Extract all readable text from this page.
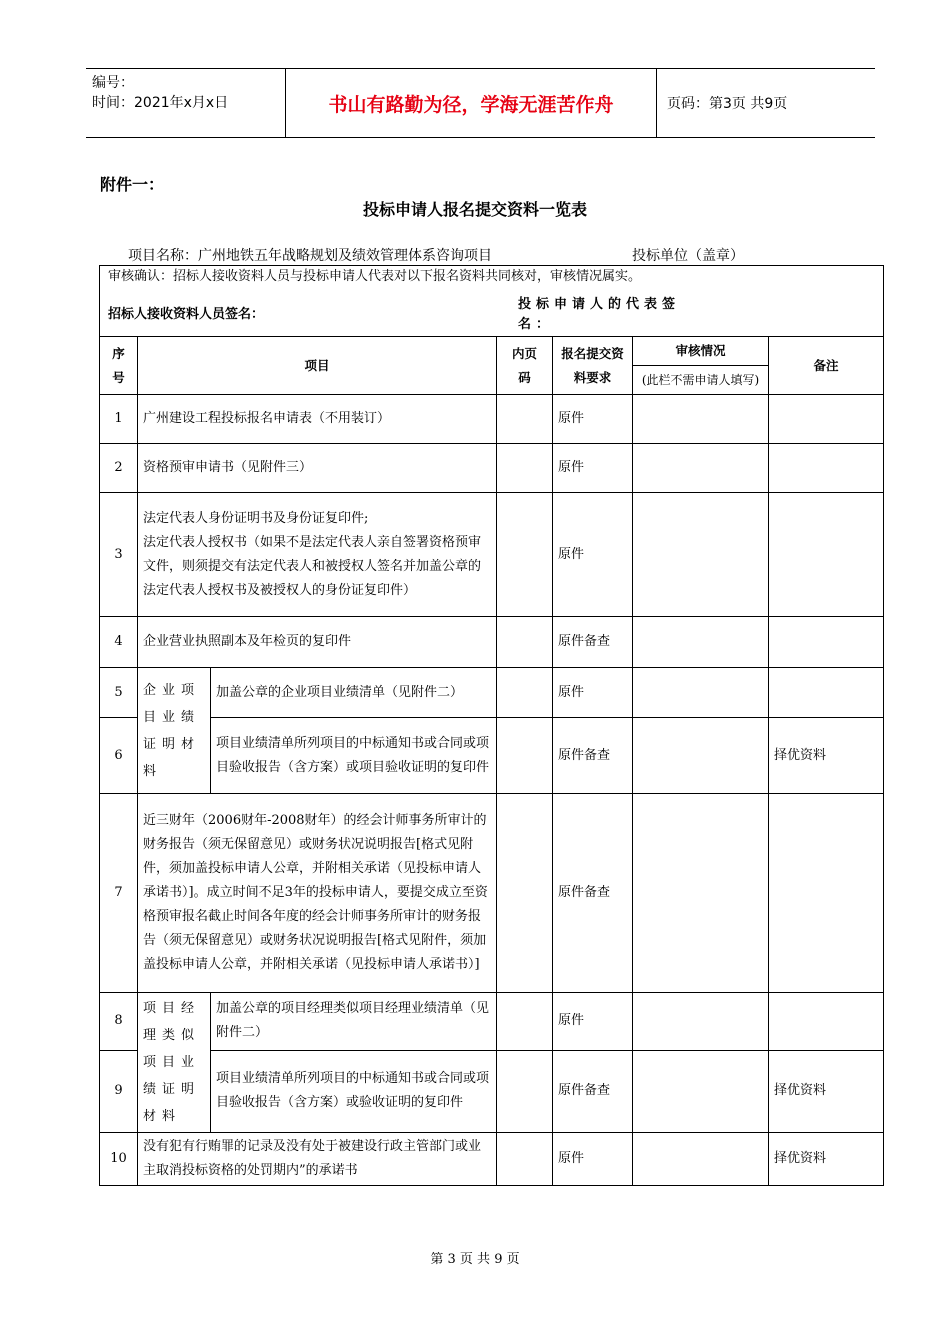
编号：
时间：2021年x月x日	书山有路勤为径，学海无涯苦作舟	页码：第3页 共9页
附件一：
投标申请人报名提交资料一览表
项目名称：广州地铁五年战略规划及绩效管理体系咨询项目	投标单位（盖章）
审核确认：招标人接收资料人员与投标申请人代表对以下报名资料共同核对，审核情况属实。
招标人接收资料人员签名：
投标申请人的代表签名：						

序号	项目		内页码	报名提交资料要求	审核情况	备注
					(此栏不需申请人填写)	
1	广州建设工程投标报名申请表（不用装订）			原件		
2	资格预审申请书（见附件三）			原件		
3	法定代表人身份证明书及身份证复印件;
法定代表人授权书（如果不是法定代表人亲自签署资格预审文件，则须提交有法定代表人和被授权人签名并加盖公章的法定代表人授权书及被授权人的身份证复印件）			原件		
4	企业营业执照副本及年检页的复印件			原件备查		
5	企业项目业绩证明材料	加盖公章的企业项目业绩清单（见附件二）		原件		
6		项目业绩清单所列项目的中标通知书或合同或项目验收报告（含方案）或项目验收证明的复印件		原件备查		择优资料
7	近三财年（2006财年-2008财年）的经会计师事务所审计的财务报告（须无保留意见）或财务状况说明报告[格式见附件，须加盖投标申请人公章，并附相关承诺（见投标申请人承诺书）]。成立时间不足3年的投标申请人，要提交成立至资格预审报名截止时间各年度的经会计师事务所审计的财务报告（须无保留意见）或财务状况说明报告[格式见附件，须加盖投标申请人公章，并附相关承诺（见投标申请人承诺书）]			原件备查		
8	项目经理类似项目业绩证明材料	加盖公章的项目经理类似项目经理业绩清单（见附件二）		原件		
9		项目业绩清单所列项目的中标通知书或合同或项目验收报告（含方案）或验收证明的复印件		原件备查		择优资料
10	没有犯有行贿罪的记录及没有处于被建设行政主管部门或业主取消投标资格的处罚期内”的承诺书			原件		择优资料
第 3 页 共 9 页
